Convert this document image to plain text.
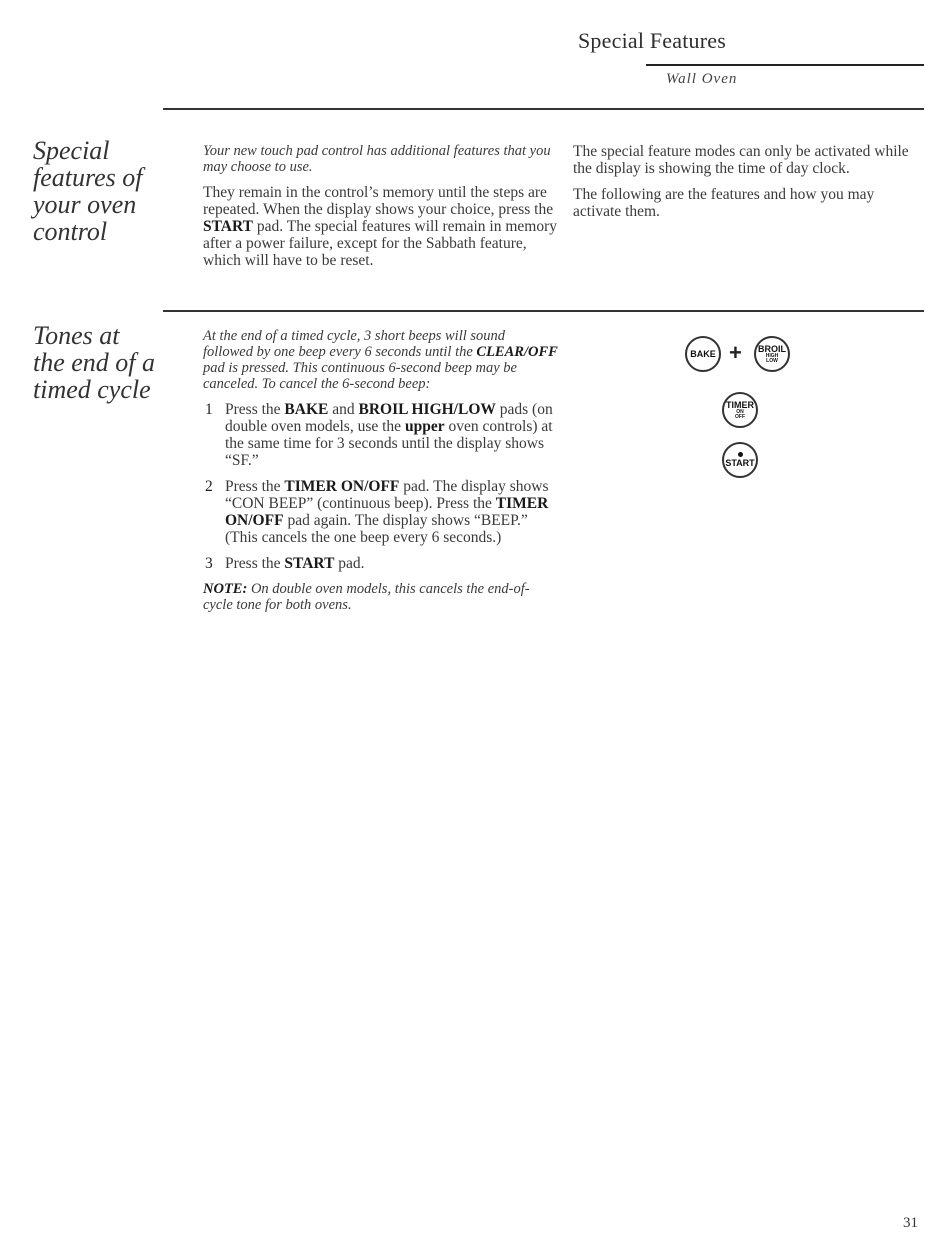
Special Features
Wall Oven
Special
features of
your oven
control

Your new touch pad control has additional features that you may choose to use.

They remain in the control’s memory until the steps are repeated. When the display shows your choice, press the START pad. The special features will remain in memory after a power failure, except for the Sabbath feature, which will have to be reset.

The special feature modes can only be activated while the display is showing the time of day clock.

The following are the features and how you may activate them.

Tones at
the end of a
timed cycle

At the end of a timed cycle, 3 short beeps will sound followed by one beep every 6 seconds until the CLEAR/OFF pad is pressed. This continuous 6-second beep may be canceled. To cancel the 6-second beep:

1 Press the BAKE and BROIL HIGH/LOW pads (on double oven models, use the upper oven controls) at the same time for 3 seconds until the display shows “SF.”
2 Press the TIMER ON/OFF pad. The display shows “CON BEEP” (continuous beep). Press the TIMER ON/OFF pad again. The display shows “BEEP.” (This cancels the one beep every 6 seconds.)
3 Press the START pad.

NOTE: On double oven models, this cancels the end-of-cycle tone for both ovens.

BAKE + BROIL
HIGH
LOW
TIMER
ON
OFF
START
31
